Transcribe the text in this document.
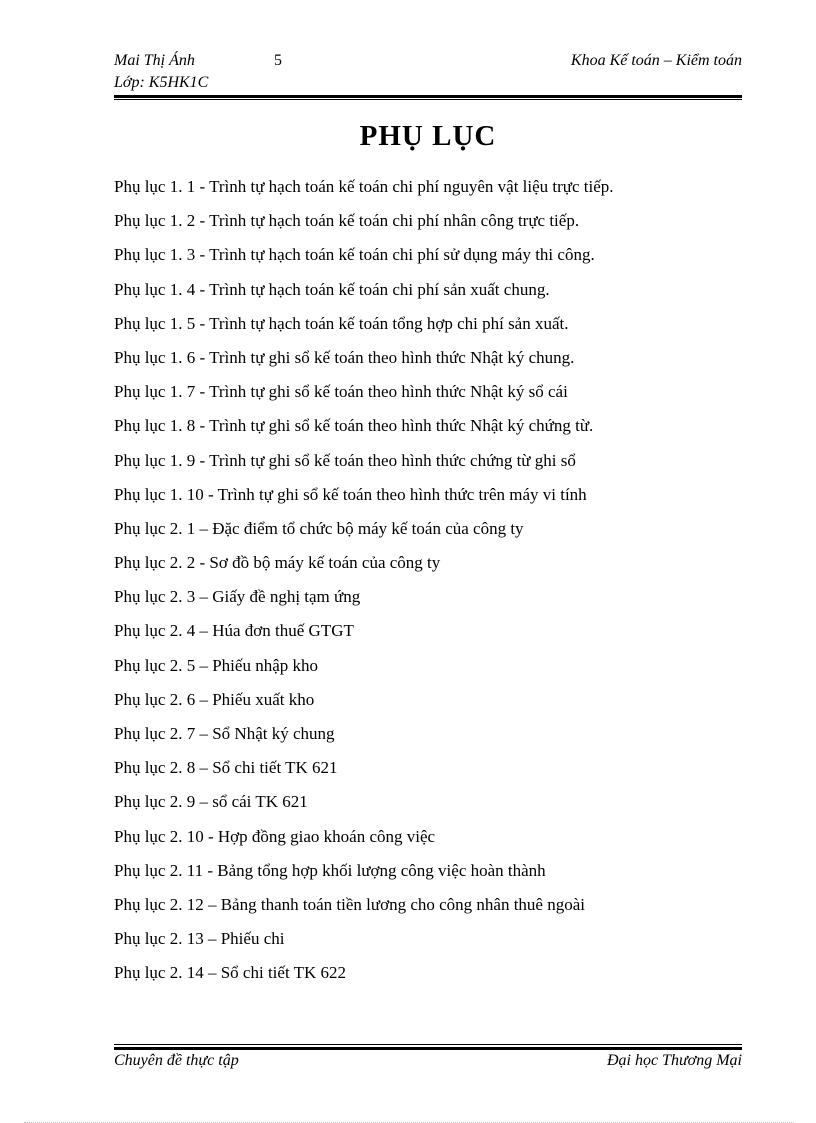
Mai Thị Ánh	5	Khoa Kế toán – Kiểm toán
Lớp: K5HK1C
PHỤ LỤC
Phụ lục 1. 1 - Trình tự hạch toán kế toán chi phí nguyên vật liệu trực tiếp.
Phụ lục 1. 2 - Trình tự hạch toán kế toán chi phí nhân công trực tiếp.
Phụ lục 1. 3 - Trình tự hạch toán kế toán chi phí sử dụng máy thi công.
Phụ lục 1. 4 - Trình tự hạch toán kế toán chi phí sản xuất chung.
Phụ lục 1. 5 - Trình tự hạch toán kế toán tổng hợp chi phí sản xuất.
Phụ lục 1. 6 - Trình tự ghi sổ kế toán theo hình thức Nhật ký chung.
Phụ lục 1. 7 - Trình tự ghi sổ kế toán theo hình thức Nhật ký sổ cái
Phụ lục 1. 8 - Trình tự ghi sổ kế toán theo hình thức Nhật ký chứng từ.
Phụ lục 1. 9 - Trình tự ghi sổ kế toán theo hình thức chứng từ ghi sổ
Phụ lục 1. 10 - Trình tự ghi sổ kế toán theo hình thức trên máy vi tính
Phụ lục 2. 1 – Đặc điểm tổ chức bộ máy kế toán của công ty
Phụ lục 2. 2 - Sơ đồ bộ máy kế toán của công ty
Phụ lục 2. 3 – Giấy đề nghị tạm ứng
Phụ lục 2. 4 – Húa đơn thuế GTGT
Phụ lục 2. 5 – Phiếu nhập kho
Phụ lục 2. 6 – Phiếu xuất kho
Phụ lục 2. 7 – Sổ Nhật ký chung
Phụ lục 2. 8 – Sổ chi tiết TK 621
Phụ lục 2. 9 – sổ cái TK 621
Phụ lục 2. 10 - Hợp đồng giao khoán công việc
Phụ lục 2. 11 - Bảng tổng hợp khối lượng công việc hoàn thành
Phụ lục 2. 12 – Bảng thanh toán tiền lương cho công nhân thuê ngoài
Phụ lục 2. 13 – Phiếu chi
Phụ lục 2. 14 – Sổ chi tiết TK 622
Chuyên đề thực tập	Đại học Thương Mại
